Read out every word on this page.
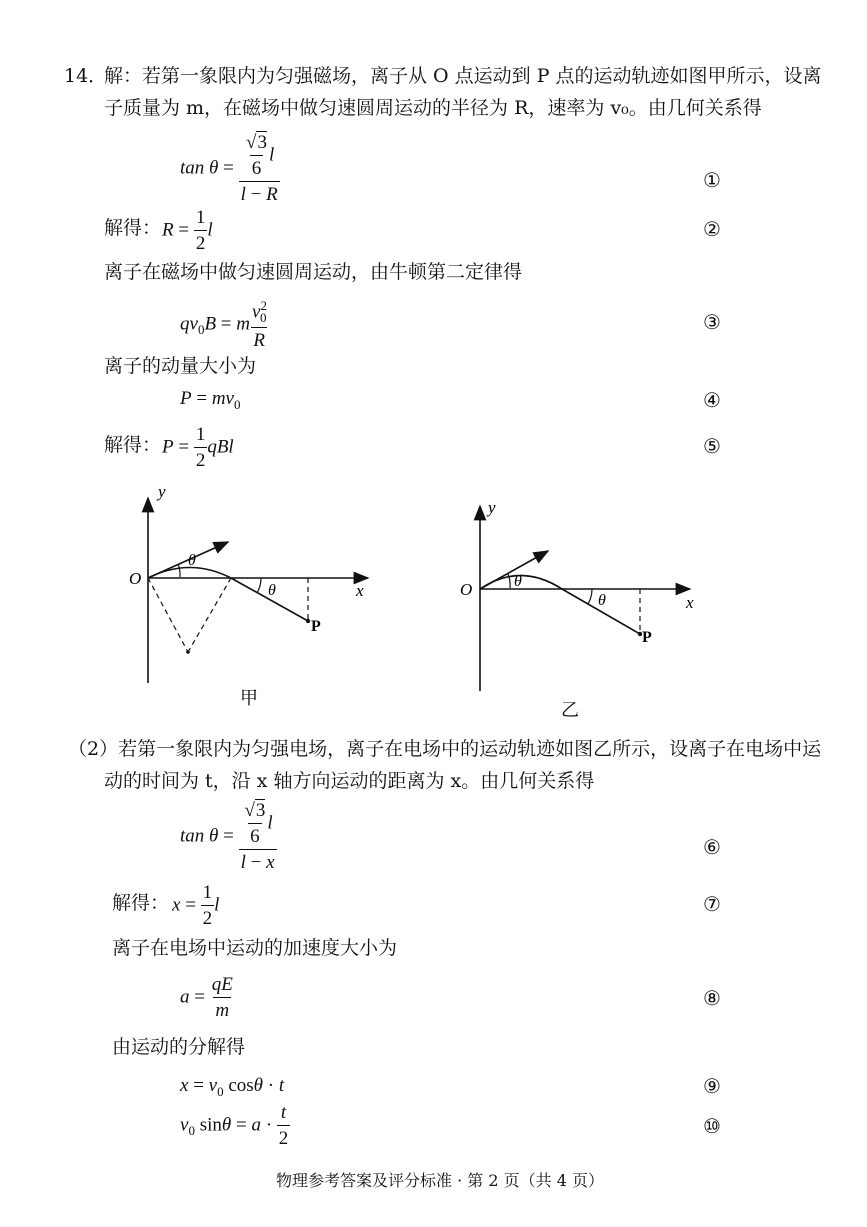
14．
解：若第一象限内为匀强磁场，离子从 O 点运动到 P 点的运动轨迹如图甲所示，设离
子质量为 m，在磁场中做匀速圆周运动的半径为 R，速率为 v₀。由几何关系得
$\tan \theta = \frac{\frac{√3}{6} l}{l - R}$	①
解得： $R = \frac{1}{2}$ l	②
离子在磁场中做匀速圆周运动，由牛顿第二定律得
$qv_0B = m \frac{v^2_0}{R}$	③
离子的动量大小为
$P = mv_0$	④
解得： $P = \frac{1}{2}$ qBl	⑤
y
x
O
P
θ
θ
甲
y
x
O
P
θ
θ
乙
（2）若第一象限内为匀强电场，离子在电场中的运动轨迹如图乙所示，设离子在电场中运
动的时间为 t，沿 x 轴方向运动的距离为 x。由几何关系得
$\tan \theta = \frac{\frac{√3}{6} l}{l - x}$	⑥
解得： $x = \frac{1}{2}$ l	⑦
离子在电场中运动的加速度大小为
$a = \frac{qE}{m}$	⑧
由运动的分解得
$x = v_0$ cosθ · t	⑨
$v_0$ $\sin\theta = a \cdot \frac{t}{2}$	⑩
物理参考答案及评分标准 · 第 2 页（共 4 页）
